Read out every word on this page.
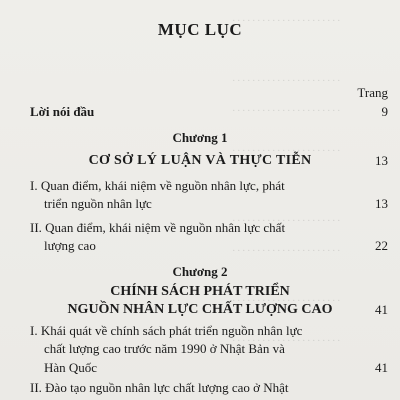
. . . . . . . . . . . . . . . . . . . . . .
. . . . . . . . . . . . . . . . . . . . . .
. . . . . . . . . . . . . . . . . . . . . .
. . . . . . . . . . . . . . . . . . . . . .
. . . . . . . . . . . . . . . . . . . . . .
. . . . . . . . . . . . . . . . . . . . . .
. . . . . . . . . . . . . . . . . . . . . .
. . . . . . . . . . . . . . . . . . . . . .
MỤC LỤC
Trang
Lời nói đầu	9
Chương 1
CƠ SỞ LÝ LUẬN VÀ THỰC TIỄN	13
I. Quan điểm, khái niệm về nguồn nhân lực, phát
triển nguồn nhân lực	13
II. Quan điểm, khái niệm về nguồn nhân lực chất
lượng cao	22
Chương 2
CHÍNH SÁCH PHÁT TRIỂN
NGUỒN NHÂN LỰC CHẤT LƯỢNG CAO	41
I. Khái quát về chính sách phát triển nguồn nhân lực
chất lượng cao trước năm 1990 ở Nhật Bản và
Hàn Quốc	41
II. Đào tạo nguồn nhân lực chất lượng cao ở Nhật
